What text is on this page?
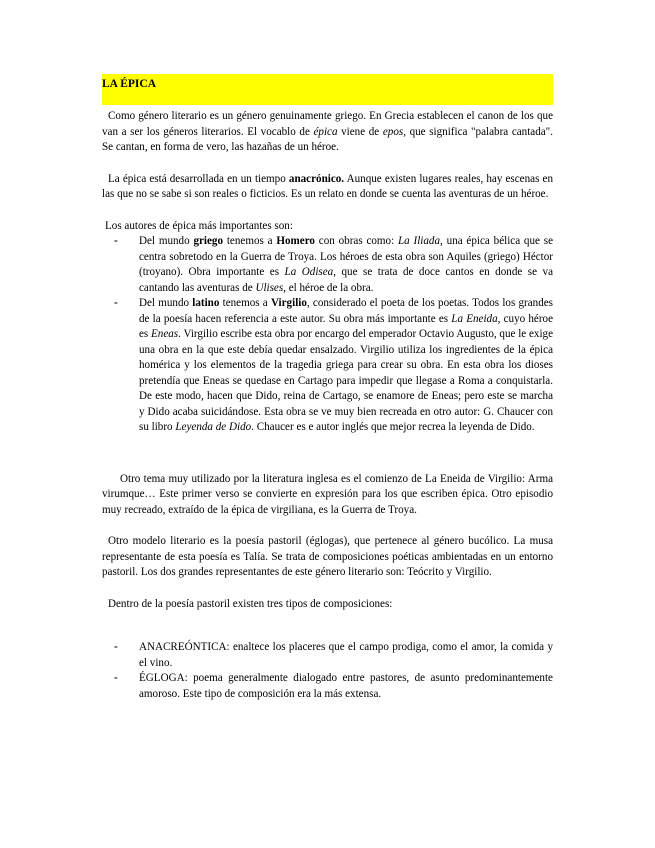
LA ÉPICA

Como género literario es un género genuinamente griego. En Grecia establecen el canon de los que van a ser los géneros literarios. El vocablo de épica viene de epos, que significa "palabra cantada". Se cantan, en forma de vero, las hazañas de un héroe.

La épica está desarrollada en un tiempo anacrónico. Aunque existen lugares reales, hay escenas en las que no se sabe si son reales o ficticios. Es un relato en donde se cuenta las aventuras de un héroe.

Los autores de épica más importantes son:
- Del mundo griego tenemos a Homero con obras como: La Iliada, una épica bélica que se centra sobretodo en la Guerra de Troya. Los héroes de esta obra son Aquiles (griego) Héctor (troyano). Obra importante es La Odisea, que se trata de doce cantos en donde se va cantando las aventuras de Ulises, el héroe de la obra.
- Del mundo latino tenemos a Virgilio, considerado el poeta de los poetas. Todos los grandes de la poesía hacen referencia a este autor. Su obra más importante es La Eneida, cuyo héroe es Eneas. Virgilio escribe esta obra por encargo del emperador Octavio Augusto, que le exige una obra en la que este debía quedar ensalzado. Virgilio utiliza los ingredientes de la épica homérica y los elementos de la tragedia griega para crear su obra. En esta obra los dioses pretendía que Eneas se quedase en Cartago para impedir que llegase a Roma a conquistarla. De este modo, hacen que Dido, reina de Cartago, se enamore de Eneas; pero este se marcha y Dido acaba suicidándose. Esta obra se ve muy bien recreada en otro autor: G. Chaucer con su libro Leyenda de Dido. Chaucer es e autor inglés que mejor recrea la leyenda de Dido.

Otro tema muy utilizado por la literatura inglesa es el comienzo de La Eneida de Virgilio: Arma virumque… Este primer verso se convierte en expresión para los que escriben épica. Otro episodio muy recreado, extraído de la épica de virgiliana, es la Guerra de Troya.

Otro modelo literario es la poesía pastoril (églogas), que pertenece al género bucólico. La musa representante de esta poesía es Talía. Se trata de composiciones poéticas ambientadas en un entorno pastoril. Los dos grandes representantes de este género literario son: Teócrito y Virgilio.

Dentro de la poesía pastoril existen tres tipos de composiciones:

- ANACREÓNTICA: enaltece los placeres que el campo prodiga, como el amor, la comida y el vino.
- ÉGLOGA: poema generalmente dialogado entre pastores, de asunto predominantemente amoroso. Este tipo de composición era la más extensa.
